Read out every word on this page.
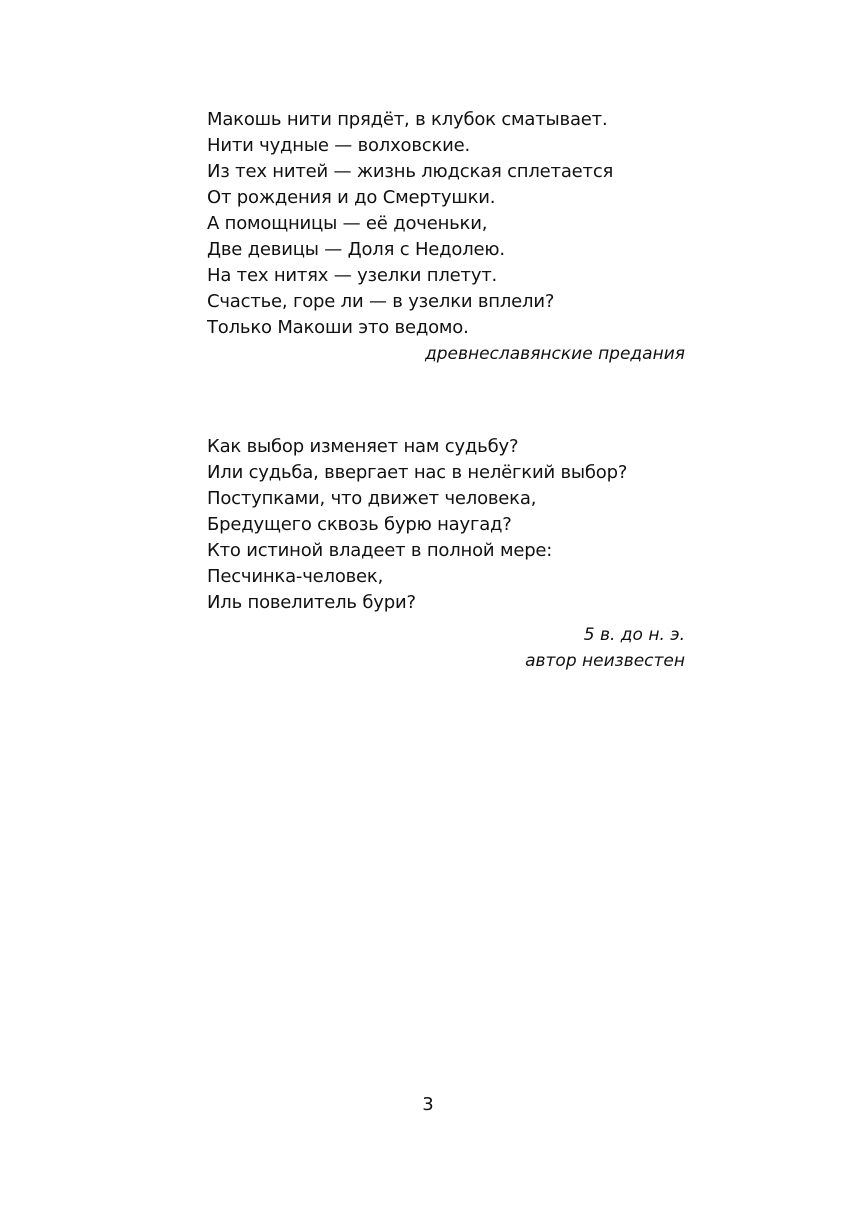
Макошь нити прядёт, в клубок сматывает.
Нити чудные — волховские.
Из тех нитей — жизнь людская сплетается
От рождения и до Смертушки.
А помощницы — её доченьки,
Две девицы — Доля с Недолею.
На тех нитях — узелки плетут.
Счастье, горе ли — в узелки вплели?
Только Макоши это ведомо.
древнеславянские предания
Как выбор изменяет нам судьбу?
Или судьба, ввергает нас в нелёгкий выбор?
Поступками, что движет человека,
Бредущего сквозь бурю наугад?
Кто истиной владеет в полной мере:
Песчинка-человек,
Иль повелитель бури?
5 в. до н. э.
автор неизвестен
3
